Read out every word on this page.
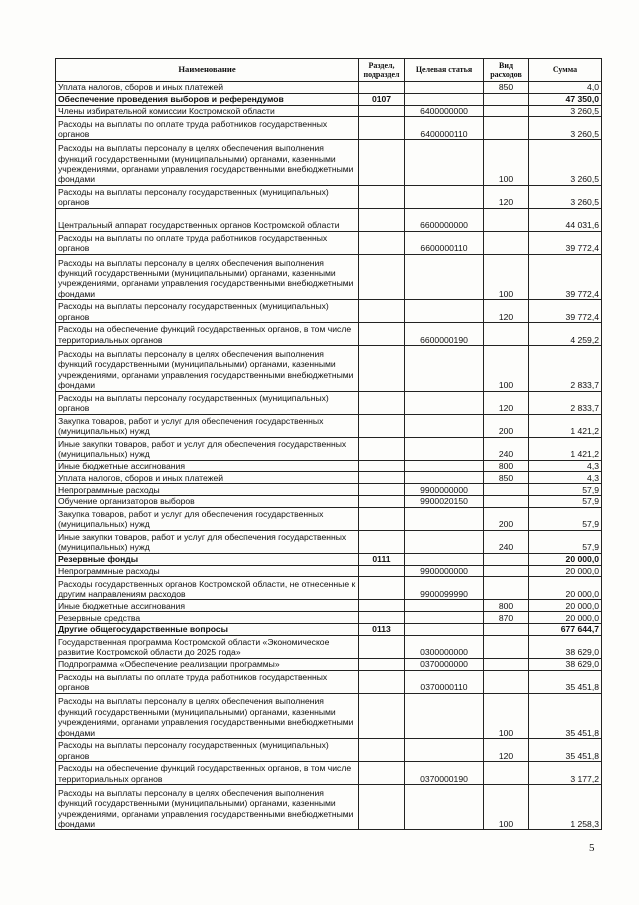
Наименование	Раздел, подраздел	Целевая статья	Вид расходов	Сумма
Уплата налогов, сборов и иных платежей			850	4,0
Обеспечение проведения выборов и референдумов	0107			47 350,0
Члены избирательной комиссии Костромской области		6400000000		3 260,5
Расходы на выплаты по оплате труда работников государственных органов		6400000110		3 260,5
Расходы на выплаты персоналу в целях обеспечения выполнения функций государственными (муниципальными) органами, казенными учреждениями, органами управления государственными внебюджетными фондами			100	3 260,5
Расходы на выплаты персоналу государственных (муниципальных) органов			120	3 260,5
Центральный аппарат государственных органов Костромской области		6600000000		44 031,6
Расходы на выплаты по оплате труда работников государственных органов		6600000110		39 772,4
Расходы на выплаты персоналу в целях обеспечения выполнения функций государственными (муниципальными) органами, казенными учреждениями, органами управления государственными внебюджетными фондами			100	39 772,4
Расходы на выплаты персоналу государственных (муниципальных) органов			120	39 772,4
Расходы на обеспечение функций государственных органов, в том числе территориальных органов		6600000190		4 259,2
Расходы на выплаты персоналу в целях обеспечения выполнения функций государственными (муниципальными) органами, казенными учреждениями, органами управления государственными внебюджетными фондами			100	2 833,7
Расходы на выплаты персоналу государственных (муниципальных) органов			120	2 833,7
Закупка товаров, работ и услуг для обеспечения государственных (муниципальных) нужд			200	1 421,2
Иные закупки товаров, работ и услуг для обеспечения государственных (муниципальных) нужд			240	1 421,2
Иные бюджетные ассигнования			800	4,3
Уплата налогов, сборов и иных платежей			850	4,3
Непрограммные расходы		9900000000		57,9
Обучение организаторов выборов		9900020150		57,9
Закупка товаров, работ и услуг для обеспечения государственных (муниципальных) нужд			200	57,9
Иные закупки товаров, работ и услуг для обеспечения государственных (муниципальных) нужд			240	57,9
Резервные фонды	0111			20 000,0
Непрограммные расходы		9900000000		20 000,0
Расходы государственных органов Костромской области, не отнесенные к другим направлениям расходов		9900099990		20 000,0
Иные бюджетные ассигнования			800	20 000,0
Резервные средства			870	20 000,0
Другие общегосударственные вопросы	0113			677 644,7
Государственная программа Костромской области «Экономическое развитие Костромской области до 2025 года»		0300000000		38 629,0
Подпрограмма «Обеспечение реализации программы»		0370000000		38 629,0
Расходы на выплаты по оплате труда работников государственных органов		0370000110		35 451,8
Расходы на выплаты персоналу в целях обеспечения выполнения функций государственными (муниципальными) органами, казенными учреждениями, органами управления государственными внебюджетными фондами			100	35 451,8
Расходы на выплаты персоналу государственных (муниципальных) органов			120	35 451,8
Расходы на обеспечение функций государственных органов, в том числе территориальных органов		0370000190		3 177,2
Расходы на выплаты персоналу в целях обеспечения выполнения функций государственными (муниципальными) органами, казенными учреждениями, органами управления государственными внебюджетными фондами			100	1 258,3
5
